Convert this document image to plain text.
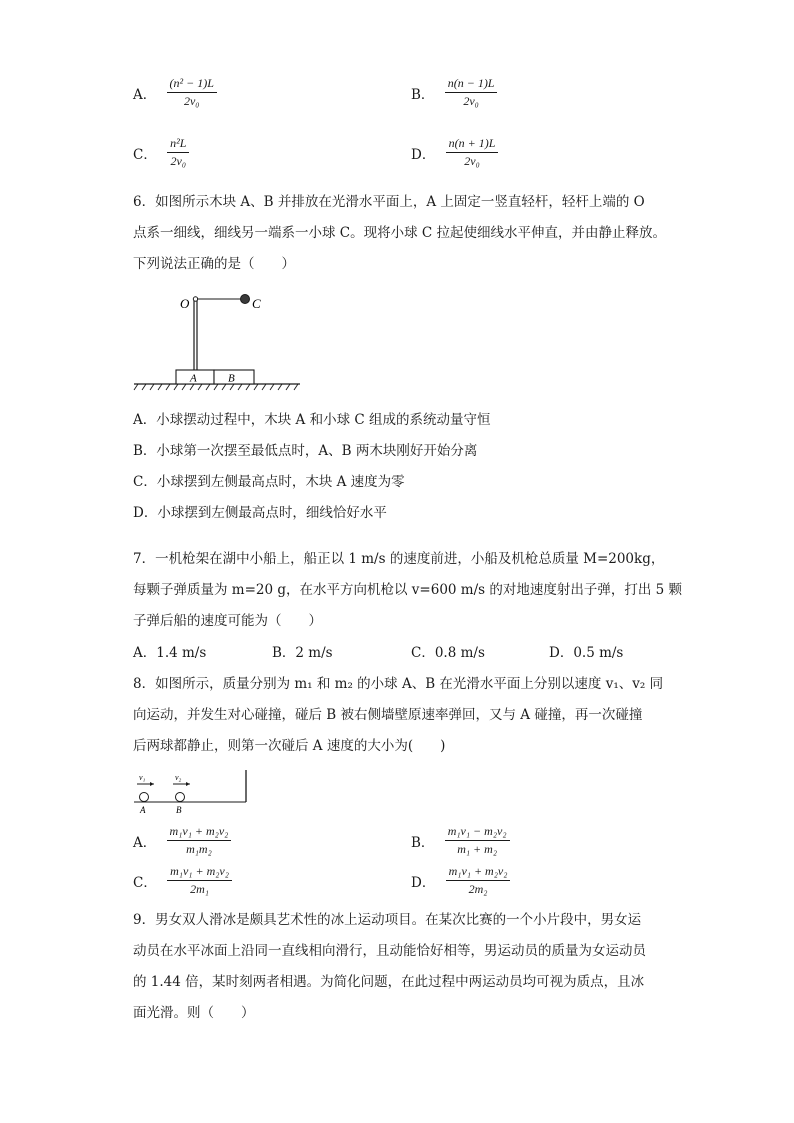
A． $\frac{\text{(n² − 1)L}}{\text{2v₀}}$	B． $\frac{n(n - 1)L}{\text{2v₀}}$
C． $\frac{\text{n²L}}{\text{2v₀}}$	D． $\frac{n(n + 1)L}{\text{2v₀}}$
6．如图所示木块 A、B 并排放在光滑水平面上，A 上固定一竖直轻杆，轻杆上端的 O
点系一细线，细线另一端系一小球 C。现将小球 C 拉起使细线水平伸直，并由静止释放。
下列说法正确的是（　　）
A	B
O	C
A．小球摆动过程中，木块 A 和小球 C 组成的系统动量守恒
B．小球第一次摆至最低点时，A、B 两木块刚好开始分离
C．小球摆到左侧最高点时，木块 A 速度为零
D．小球摆到左侧最高点时，细线恰好水平
7．一机枪架在湖中小船上，船正以 1 m/s 的速度前进，小船及机枪总质量 M=200kg，
每颗子弹质量为 m=20 g，在水平方向机枪以 v=600 m/s 的对地速度射出子弹，打出 5 颗
子弹后船的速度可能为（　　）
A．1.4 m/s	B．2 m/s	C．0.8 m/s	D．0.5 m/s
8．如图所示，质量分别为 m₁ 和 m₂ 的小球 A、B 在光滑水平面上分别以速度 v₁、v₂ 同
向运动，并发生对心碰撞，碰后 B 被右侧墙壁原速率弹回，又与 A 碰撞，再一次碰撞
后两球都静止，则第一次碰后 A 速度的大小为(　　)
v₁	v₂
A	B
A． $\frac{\text{m₁v₁ + m₂v₂}}{\text{m₁m₂}}$	B． $\frac{\text{m₁v₁ − m₂v₂}}{\text{m₁ + m₂}}$
C． $\frac{\text{m₁v₁ + m₂v₂}}{\text{2m₁}}$	D． $\frac{\text{m₁v₁ + m₂v₂}}{\text{2m₂}}$
9．男女双人滑冰是颇具艺术性的冰上运动项目。在某次比赛的一个小片段中，男女运
动员在水平冰面上沿同一直线相向滑行，且动能恰好相等，男运动员的质量为女运动员
的 1.44 倍，某时刻两者相遇。为简化问题，在此过程中两运动员均可视为质点，且冰
面光滑。则（　　）
